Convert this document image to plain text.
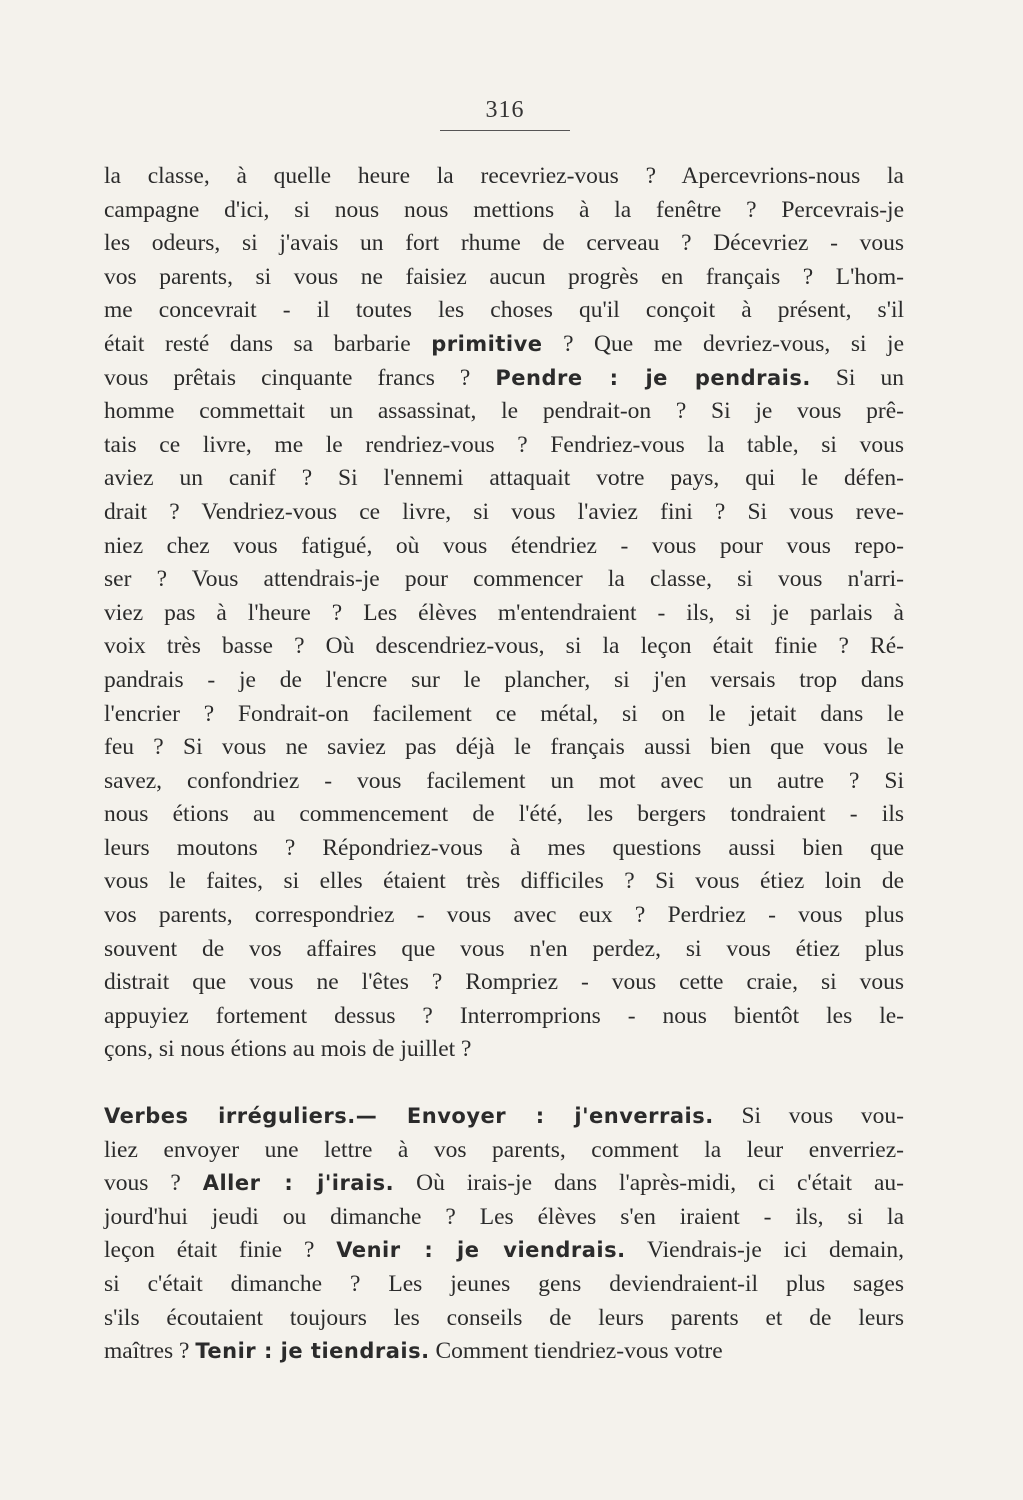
316
la classe, à quelle heure la recevriez-vous ? Apercevrions-nous la
campagne d'ici, si nous nous mettions à la fenêtre ? Percevrais-je
les odeurs, si j'avais un fort rhume de cerveau ? Décevriez - vous
vos parents, si vous ne faisiez aucun progrès en français ? L'hom-
me concevrait - il toutes les choses qu'il conçoit à présent, s'il
était resté dans sa barbarie primitive ? Que me devriez-vous, si je
vous prêtais cinquante francs ? Pendre : je pendrais. Si un
homme commettait un assassinat, le pendrait-on ? Si je vous prê-
tais ce livre, me le rendriez-vous ? Fendriez-vous la table, si vous
aviez un canif ? Si l'ennemi attaquait votre pays, qui le défen-
drait ? Vendriez-vous ce livre, si vous l'aviez fini ? Si vous reve-
niez chez vous fatigué, où vous étendriez - vous pour vous repo-
ser ? Vous attendrais-je pour commencer la classe, si vous n'arri-
viez pas à l'heure ? Les élèves m'entendraient - ils, si je parlais à
voix très basse ? Où descendriez-vous, si la leçon était finie ? Ré-
pandrais - je de l'encre sur le plancher, si j'en versais trop dans
l'encrier ? Fondrait-on facilement ce métal, si on le jetait dans le
feu ? Si vous ne saviez pas déjà le français aussi bien que vous le
savez, confondriez - vous facilement un mot avec un autre ? Si
nous étions au commencement de l'été, les bergers tondraient - ils
leurs moutons ? Répondriez-vous à mes questions aussi bien que
vous le faites, si elles étaient très difficiles ? Si vous étiez loin de
vos parents, correspondriez - vous avec eux ? Perdriez - vous plus
souvent de vos affaires que vous n'en perdez, si vous étiez plus
distrait que vous ne l'êtes ? Rompriez - vous cette craie, si vous
appuyiez fortement dessus ? Interromprions - nous bientôt les le-
çons, si nous étions au mois de juillet ?
Verbes irréguliers.— Envoyer : j'enverrais. Si vous vou-
liez envoyer une lettre à vos parents, comment la leur enverriez-
vous ? Aller : j'irais. Où irais-je dans l'après-midi, ci c'était au-
jourd'hui jeudi ou dimanche ? Les élèves s'en iraient - ils, si la
leçon était finie ? Venir : je viendrais. Viendrais-je ici demain,
si c'était dimanche ? Les jeunes gens deviendraient-il plus sages
s'ils écoutaient toujours les conseils de leurs parents et de leurs
maîtres ? Tenir : je tiendrais. Comment tiendriez-vous votre
